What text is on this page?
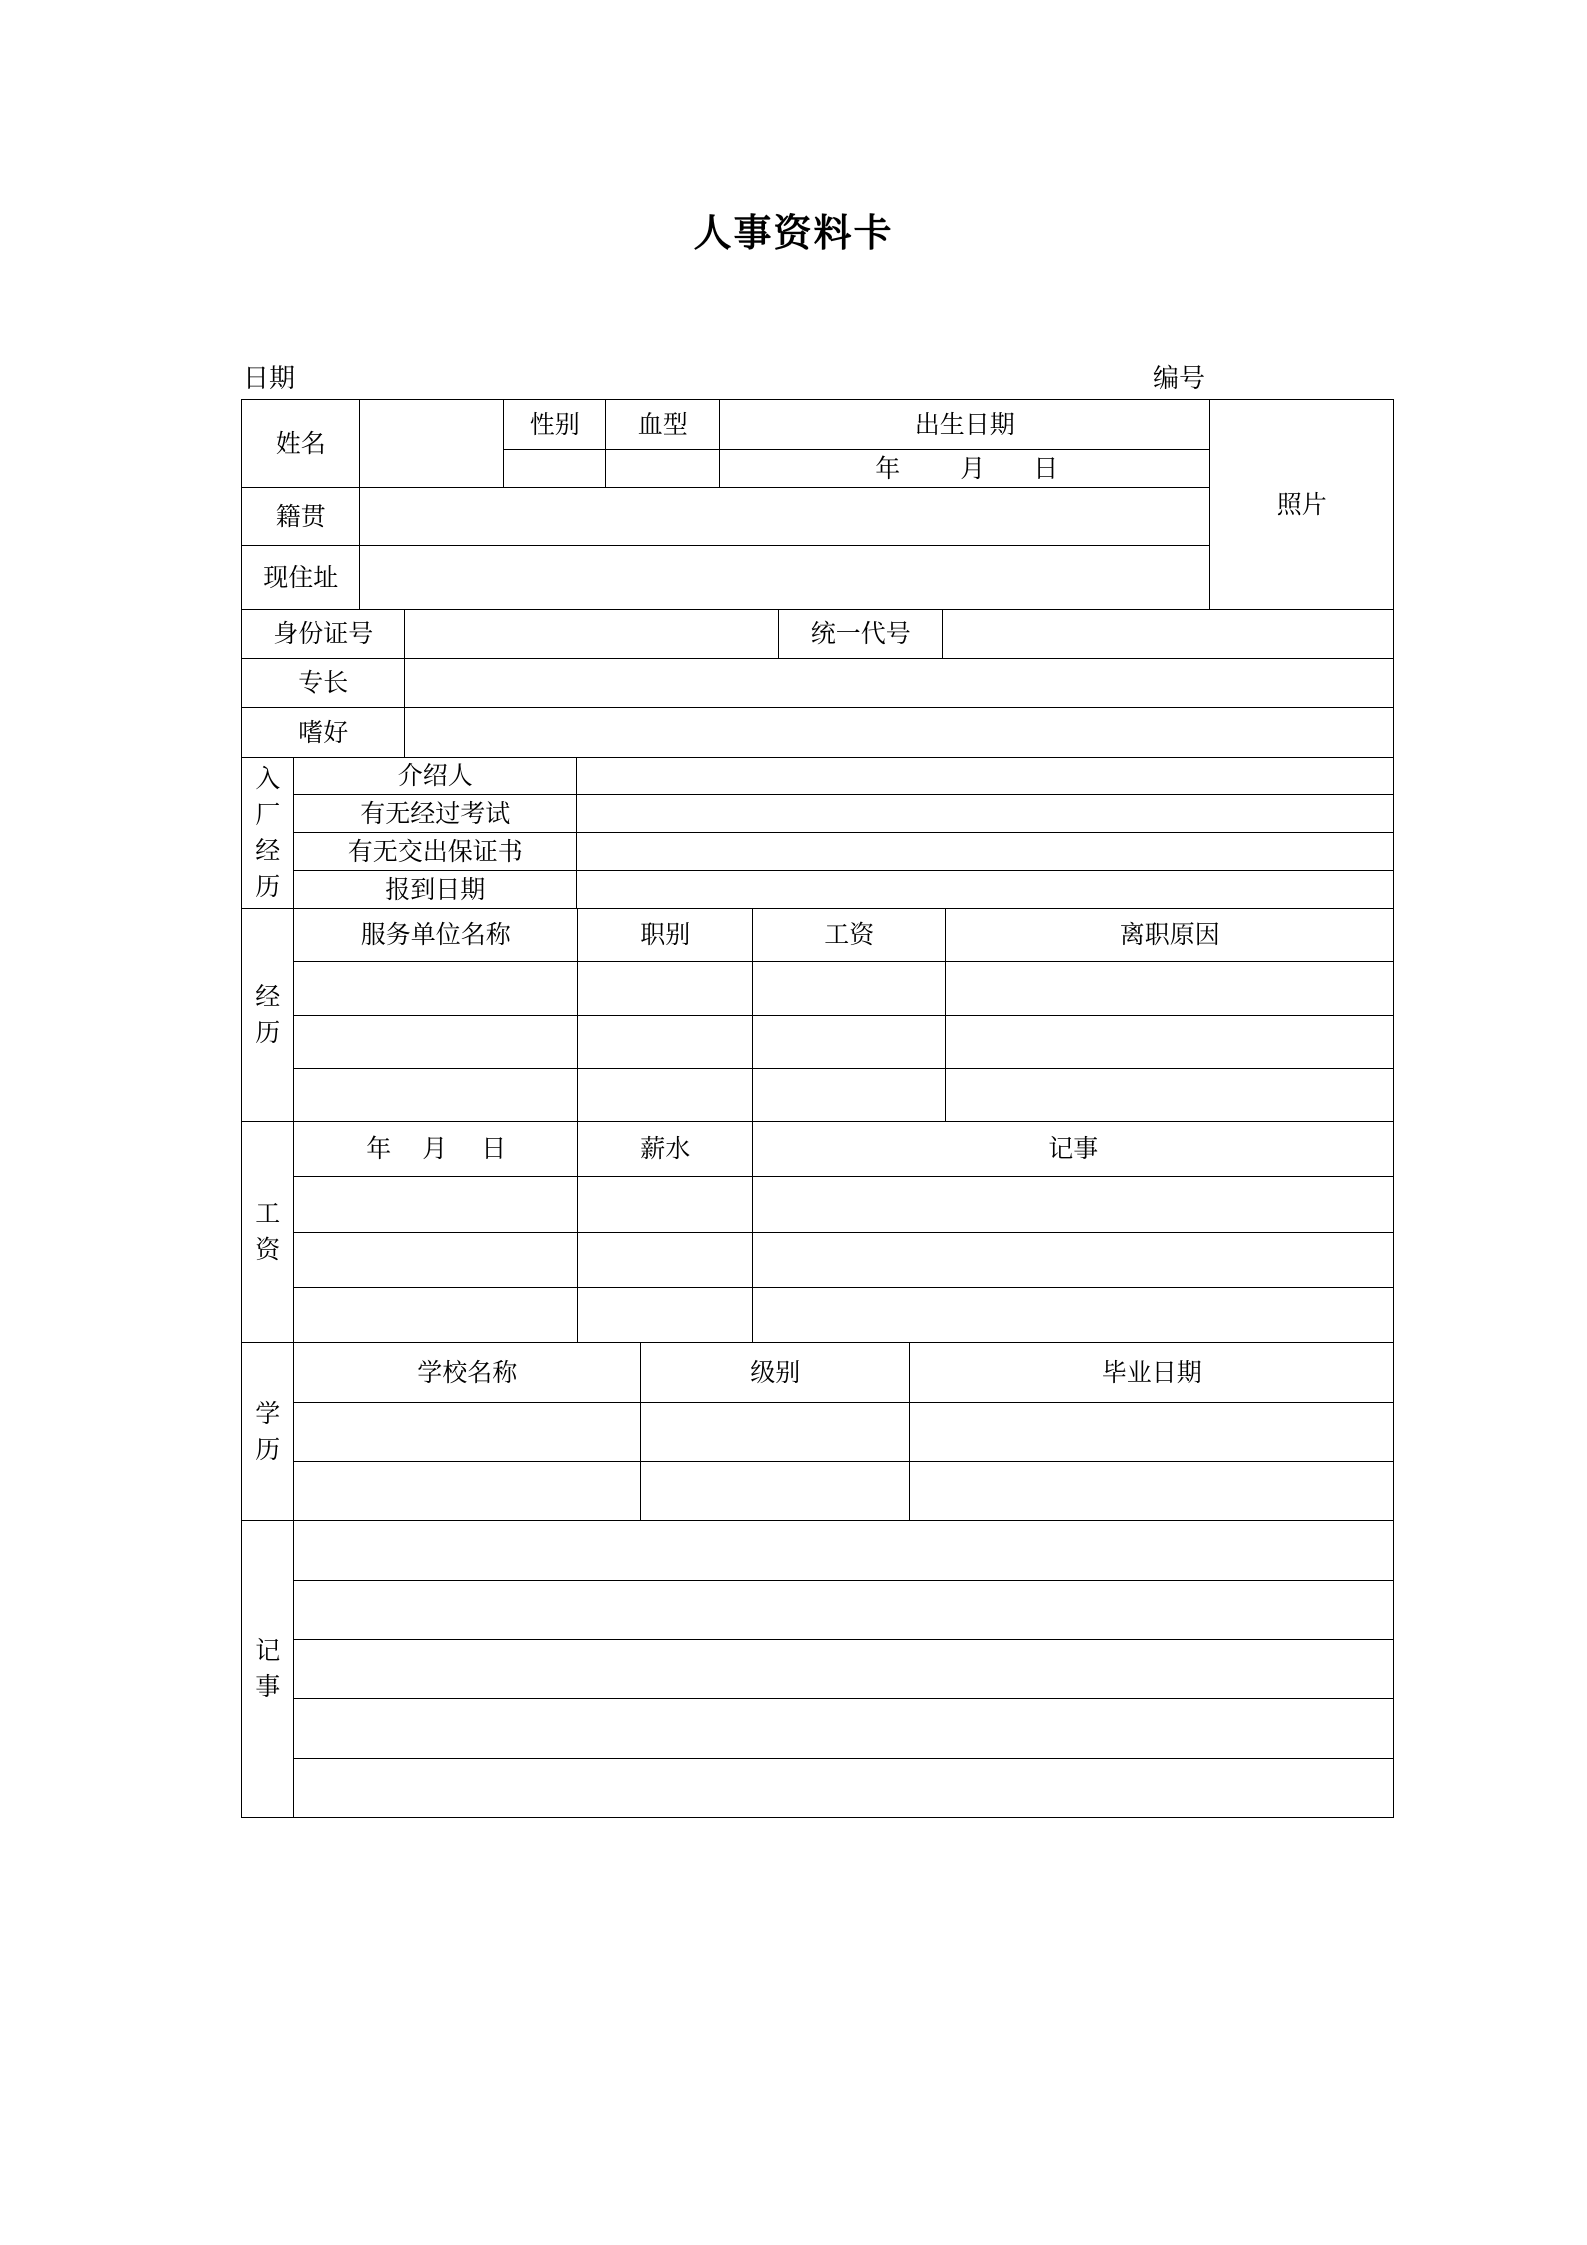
人事资料卡
日期	编号
姓名
性别	血型	出生日期
年 月 日
照片
籍贯
现住址
身份证号	统一代号
专长
嗜好
入
厂
经
历
介绍人
有无经过考试
有无交出保证书
报到日期
经
历
服务单位名称	职别	工资	离职原因
工
资
年 月 日	薪水	记事
学
历
学校名称	级别	毕业日期
记
事
